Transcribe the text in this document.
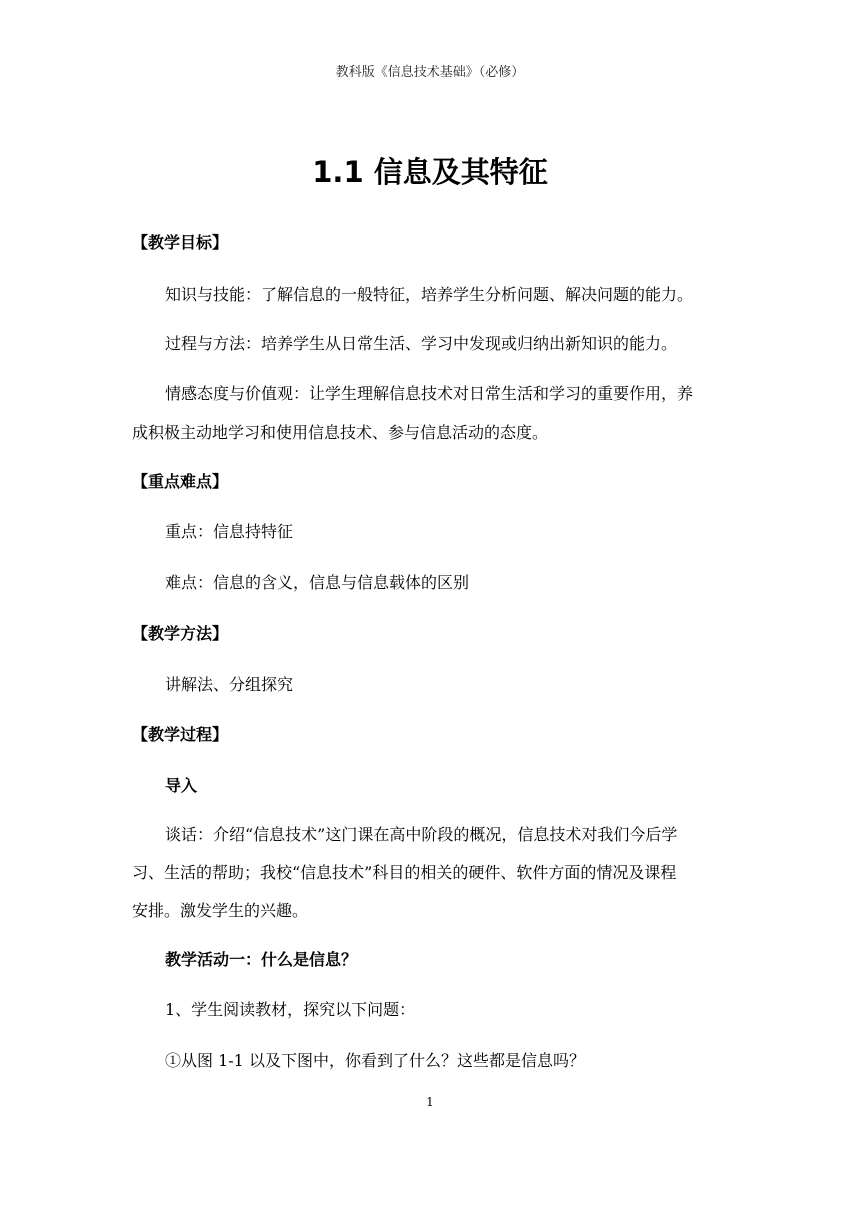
教科版《信息技术基础》（必修）
1.1 信息及其特征
【教学目标】
知识与技能：了解信息的一般特征，培养学生分析问题、解决问题的能力。
过程与方法：培养学生从日常生活、学习中发现或归纳出新知识的能力。
情感态度与价值观：让学生理解信息技术对日常生活和学习的重要作用，养
成积极主动地学习和使用信息技术、参与信息活动的态度。
【重点难点】
重点：信息持特征
难点：信息的含义，信息与信息载体的区别
【教学方法】
讲解法、分组探究
【教学过程】
导入
谈话：介绍“信息技术”这门课在高中阶段的概况，信息技术对我们今后学
习、生活的帮助；我校“信息技术”科目的相关的硬件、软件方面的情况及课程
安排。激发学生的兴趣。
教学活动一：什么是信息？
1、学生阅读教材，探究以下问题：
①从图 1-1 以及下图中，你看到了什么？这些都是信息吗？
1
